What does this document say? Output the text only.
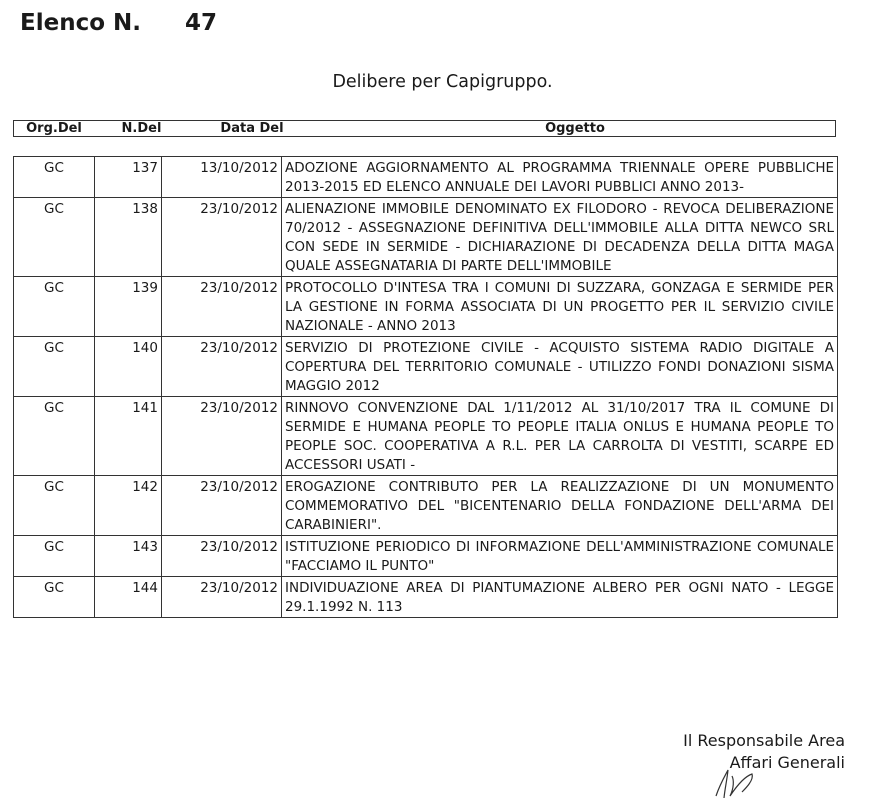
Elenco N. 47
Delibere per Capigruppo.
Org.Del	N.Del	Data Del	Oggetto
GC	137	13/10/2012	ADOZIONE AGGIORNAMENTO AL PROGRAMMA TRIENNALE OPERE PUBBLICHE 2013-2015 ED ELENCO ANNUALE DEI LAVORI PUBBLICI ANNO 2013-
GC	138	23/10/2012	ALIENAZIONE IMMOBILE DENOMINATO EX FILODORO - REVOCA DELIBERAZIONE 70/2012 - ASSEGNAZIONE DEFINITIVA DELL'IMMOBILE ALLA DITTA NEWCO SRL CON SEDE IN SERMIDE - DICHIARAZIONE DI DECADENZA DELLA DITTA MAGA QUALE ASSEGNATARIA DI PARTE DELL'IMMOBILE
GC	139	23/10/2012	PROTOCOLLO D'INTESA TRA I COMUNI DI SUZZARA, GONZAGA E SERMIDE PER LA GESTIONE IN FORMA ASSOCIATA DI UN PROGETTO PER IL SERVIZIO CIVILE NAZIONALE - ANNO 2013
GC	140	23/10/2012	SERVIZIO DI PROTEZIONE CIVILE - ACQUISTO SISTEMA RADIO DIGITALE A COPERTURA DEL TERRITORIO COMUNALE - UTILIZZO FONDI DONAZIONI SISMA MAGGIO 2012
GC	141	23/10/2012	RINNOVO CONVENZIONE DAL 1/11/2012 AL 31/10/2017 TRA IL COMUNE DI SERMIDE E HUMANA PEOPLE TO PEOPLE ITALIA ONLUS E HUMANA PEOPLE TO PEOPLE SOC. COOPERATIVA A R.L. PER LA CARROLTA DI VESTITI, SCARPE ED ACCESSORI USATI -
GC	142	23/10/2012	EROGAZIONE CONTRIBUTO PER LA REALIZZAZIONE DI UN MONUMENTO COMMEMORATIVO DEL "BICENTENARIO DELLA FONDAZIONE DELL'ARMA DEI CARABINIERI".
GC	143	23/10/2012	ISTITUZIONE PERIODICO DI INFORMAZIONE DELL'AMMINISTRAZIONE COMUNALE "FACCIAMO IL PUNTO"
GC	144	23/10/2012	INDIVIDUAZIONE AREA DI PIANTUMAZIONE ALBERO PER OGNI NATO - LEGGE 29.1.1992 N. 113
Il Responsabile Area
Affari Generali
